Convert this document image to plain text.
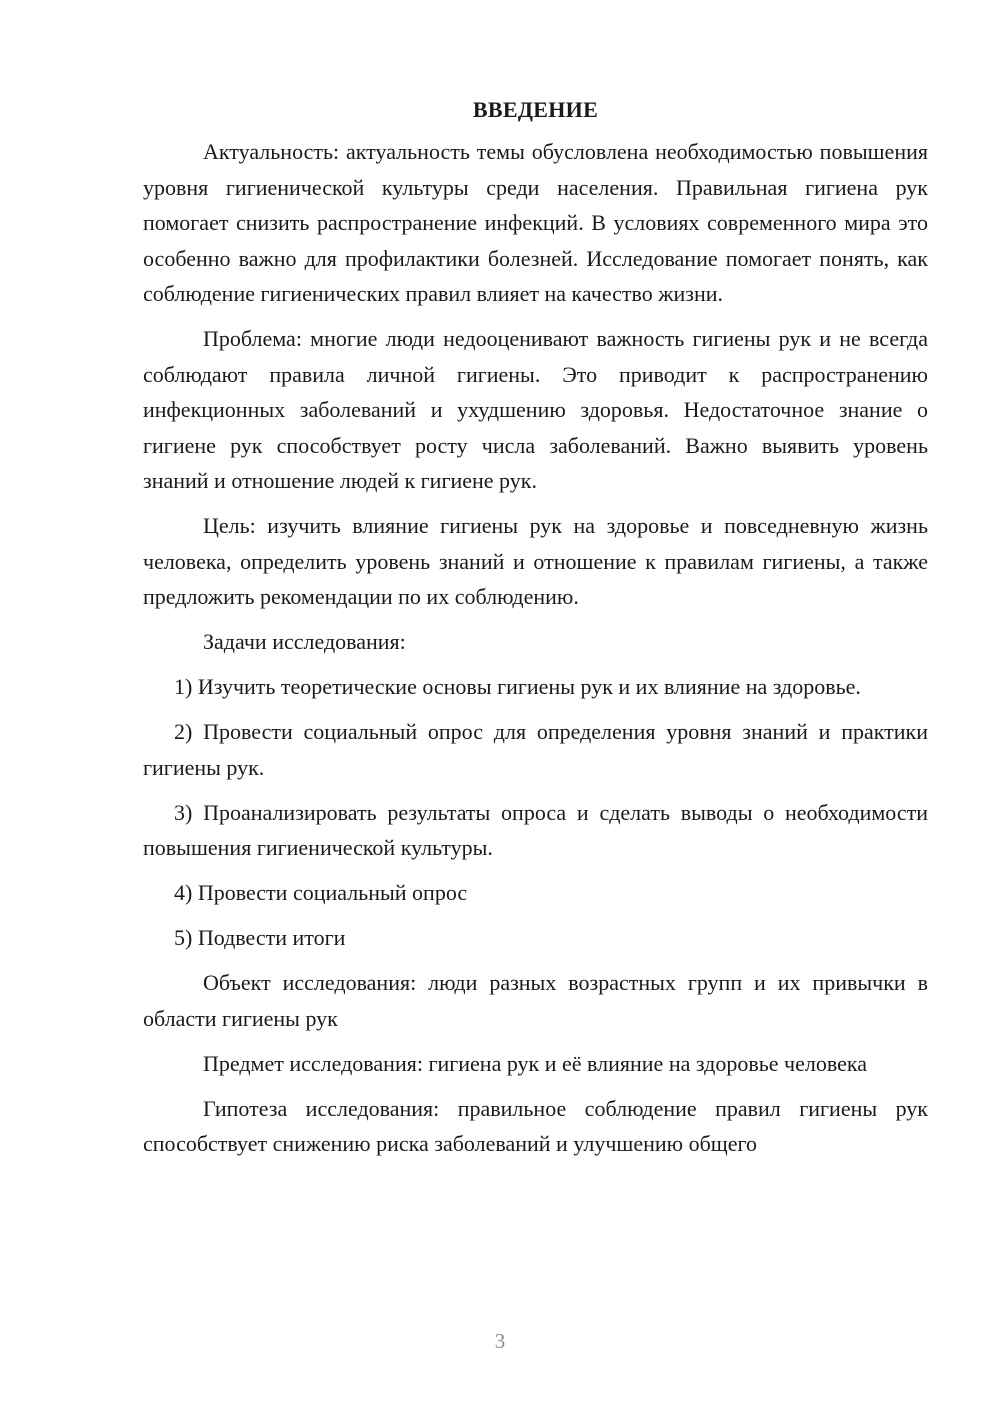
ВВЕДЕНИЕ

Актуальность: актуальность темы обусловлена необходимостью повышения уровня гигиенической культуры среди населения. Правильная гигиена рук помогает снизить распространение инфекций. В условиях современного мира это особенно важно для профилактики болезней. Исследование помогает понять, как соблюдение гигиенических правил влияет на качество жизни.

Проблема: многие люди недооценивают важность гигиены рук и не всегда соблюдают правила личной гигиены. Это приводит к распространению инфекционных заболеваний и ухудшению здоровья. Недостаточное знание о гигиене рук способствует росту числа заболеваний. Важно выявить уровень знаний и отношение людей к гигиене рук.

Цель: изучить влияние гигиены рук на здоровье и повседневную жизнь человека, определить уровень знаний и отношение к правилам гигиены, а также предложить рекомендации по их соблюдению.

Задачи исследования:

1) Изучить теоретические основы гигиены рук и их влияние на здоровье.

2) Провести социальный опрос для определения уровня знаний и практики гигиены рук.

3) Проанализировать результаты опроса и сделать выводы о необходимости повышения гигиенической культуры.

4) Провести социальный опрос

5) Подвести итоги

Объект исследования: люди разных возрастных групп и их привычки в области гигиены рук

Предмет исследования: гигиена рук и её влияние на здоровье человека

Гипотеза исследования: правильное соблюдение правил гигиены рук способствует снижению риска заболеваний и улучшению общего

3
